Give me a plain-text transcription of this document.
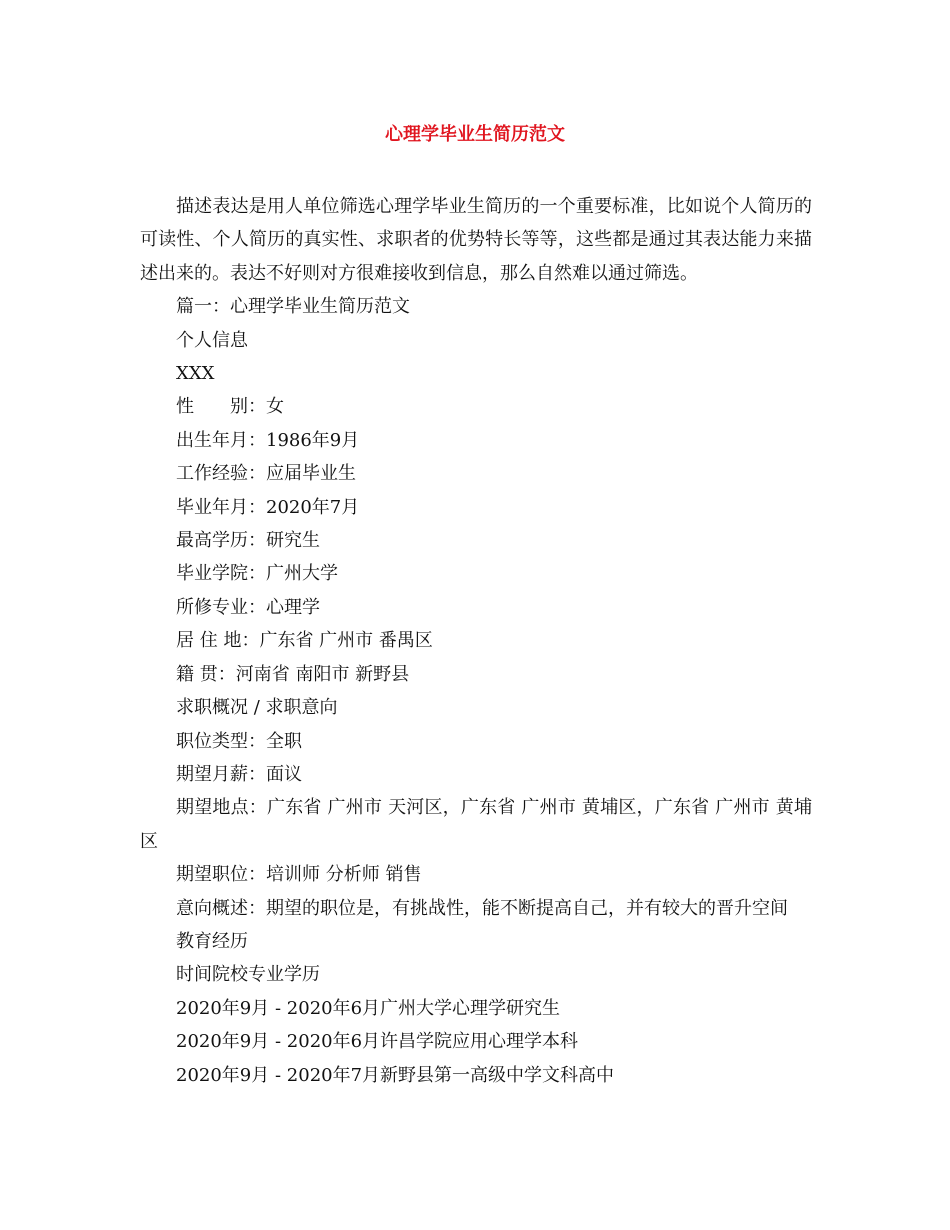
心理学毕业生简历范文

描述表达是用人单位筛选心理学毕业生简历的一个重要标准，比如说个人简历的可读性、个人简历的真实性、求职者的优势特长等等，这些都是通过其表达能力来描述出来的。表达不好则对方很难接收到信息，那么自然难以通过筛选。

篇一：心理学毕业生简历范文

个人信息

XXX

性　　别：女

出生年月：1986年9月

工作经验：应届毕业生

毕业年月：2020年7月

最高学历：研究生

毕业学院：广州大学

所修专业：心理学

居 住 地：广东省 广州市 番禺区

籍 贯：河南省 南阳市 新野县

求职概况 / 求职意向

职位类型：全职

期望月薪：面议

期望地点：广东省 广州市 天河区，广东省 广州市 黄埔区，广东省 广州市 黄埔区

期望职位：培训师 分析师 销售

意向概述：期望的职位是，有挑战性，能不断提高自己，并有较大的晋升空间

教育经历

时间院校专业学历

2020年9月 - 2020年6月广州大学心理学研究生

2020年9月 - 2020年6月许昌学院应用心理学本科

2020年9月 - 2020年7月新野县第一高级中学文科高中
